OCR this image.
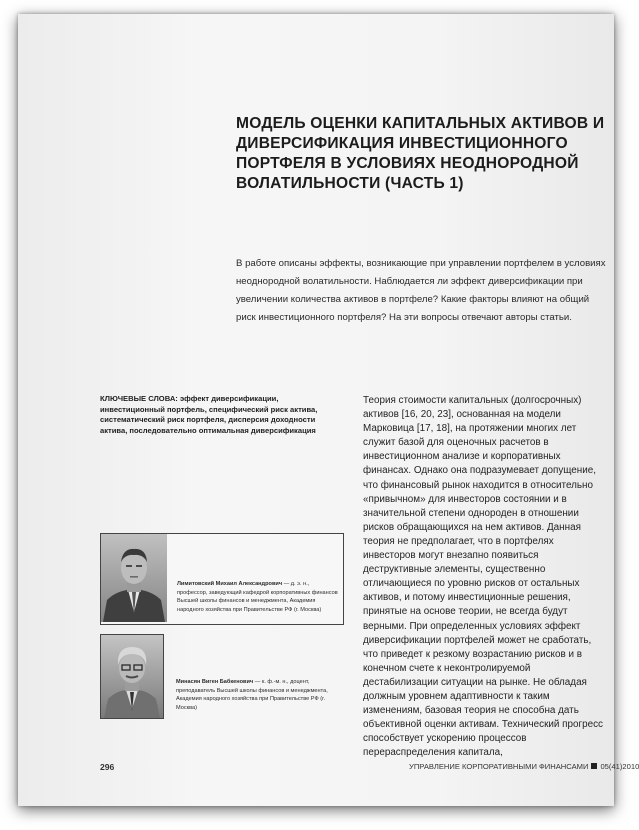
МОДЕЛЬ ОЦЕНКИ КАПИТАЛЬНЫХ АКТИВОВ И ДИВЕРСИФИКАЦИЯ ИНВЕСТИЦИОННОГО ПОРТФЕЛЯ В УСЛОВИЯХ НЕОДНОРОДНОЙ ВОЛАТИЛЬНОСТИ (ЧАСТЬ 1)

В работе описаны эффекты, возникающие при управлении портфелем в условиях неоднородной волатильности. Наблюдается ли эффект диверсификации при увеличении количества активов в портфеле? Какие факторы влияют на общий риск инвестиционного портфеля? На эти вопросы отвечают авторы статьи.

КЛЮЧЕВЫЕ СЛОВА: эффект диверсификации, инвестиционный портфель, специфический риск актива, систематический риск портфеля, дисперсия доходности актива, последовательно оптимальная диверсификация

Теория стоимости капитальных (долгосрочных) активов [16, 20, 23], основанная на модели Марковица [17, 18], на протяжении многих лет служит базой для оценочных расчетов в инвестиционном анализе и корпоративных финансах. Однако она подразумевает допущение, что финансовый рынок находится в относительно «привычном» для инвесторов состоянии и в значительной степени однороден в отношении рисков обращающихся на нем активов. Данная теория не предполагает, что в портфелях инвесторов могут внезапно появиться деструктивные элементы, существенно отличающиеся по уровню рисков от остальных активов, и потому инвестиционные решения, принятые на основе теории, не всегда будут верными. При определенных условиях эффект диверсификации портфелей может не сработать, что приведет к резкому возрастанию рисков и в конечном счете к неконтролируемой дестабилизации ситуации на рынке. Не обладая должным уровнем адаптивности к таким изменениям, базовая теория не способна дать объективной оценки активам. Технический прогресс способствует ускорению процессов перераспределения капитала,

Лимитовский Михаил Александрович — д. э. н., профессор, заведующий кафедрой корпоративных финансов Высшей школы финансов и менеджмента, Академия народного хозяйства при Правительстве РФ (г. Москва)

Минасян Виген Бабкенович — к. ф.-м. н., доцент, преподаватель Высшей школы финансов и менеджмента, Академия народного хозяйства при Правительстве РФ (г. Москва)

296	УПРАВЛЕНИЕ КОРПОРАТИВНЫМИ ФИНАНСАМИ 05(41)2010
